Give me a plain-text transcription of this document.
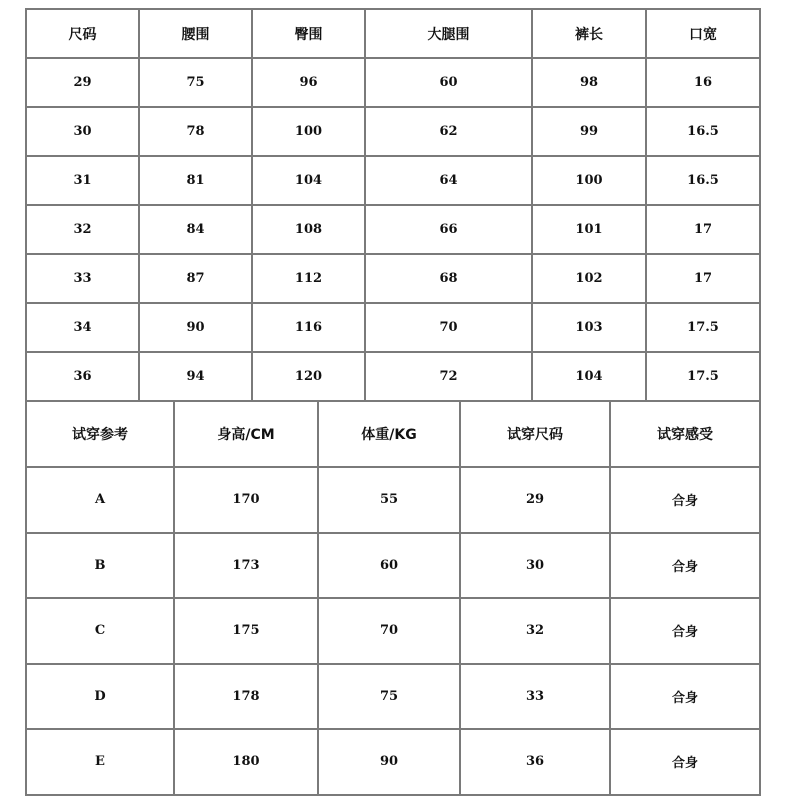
尺码	腰围	臀围	大腿围	裤长	口宽
29	75	96	60	98	16
30	78	100	62	99	16.5
31	81	104	64	100	16.5
32	84	108	66	101	17
33	87	112	68	102	17
34	90	116	70	103	17.5
36	94	120	72	104	17.5
试穿参考	身高/CM	体重/KG	试穿尺码	试穿感受
A	170	55	29	合身
B	173	60	30	合身
C	175	70	32	合身
D	178	75	33	合身
E	180	90	36	合身
